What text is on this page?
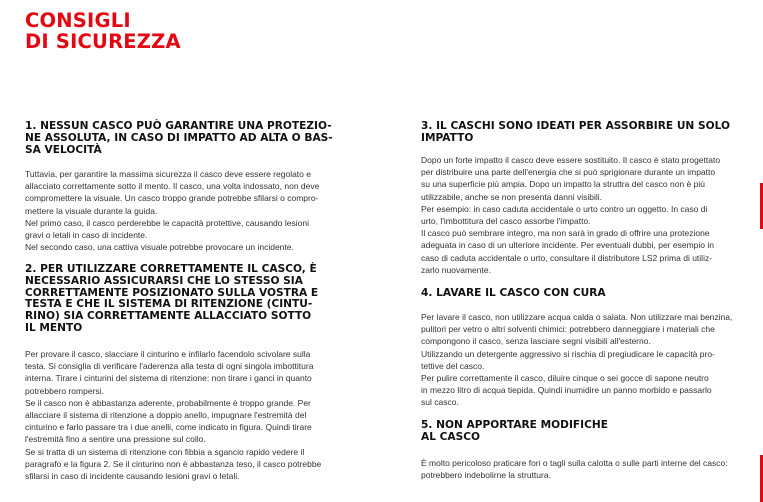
CONSIGLI
DI SICUREZZA
1. NESSUN CASCO PUÒ GARANTIRE UNA PROTEZIO-
NE ASSOLUTA, IN CASO DI IMPATTO AD ALTA O BAS-
SA VELOCITÀ
Tuttavia, per garantire la massima sicurezza il casco deve essere regolato e
allacciato correttamente sotto il mento. Il casco, una volta indossato, non deve
compromettere la visuale. Un casco troppo grande potrebbe sfilarsi o compro-
mettere la visuale durante la guida.
Nel primo caso, il casco perderebbe le capacità protettive, causando lesioni
gravi o letali in caso di incidente.
Nel secondo caso, una cattiva visuale potrebbe provocare un incidente.
2. PER UTILIZZARE CORRETTAMENTE IL CASCO, È
NECESSARIO ASSICURARSI CHE LO STESSO SIA
CORRETTAMENTE POSIZIONATO SULLA VOSTRA E
TESTA E CHE IL SISTEMA DI RITENZIONE (CINTU-
RINO) SIA CORRETTAMENTE ALLACCIATO SOTTO
IL MENTO
Per provare il casco, slacciare il cinturino e infilarlo facendolo scivolare sulla
testa. Si consiglia di verificare l'aderenza alla testa di ogni singola imbottitura
interna. Tirare i cinturini del sistema di ritenzione: non tirare i ganci in quanto
potrebbero rompersi.
Se il casco non è abbastanza aderente, probabilmente è troppo grande. Per
allacciare il sistema di ritenzione a doppio anello, impugnare l'estremità del
cinturino e farlo passare tra i due anelli, come indicato in figura. Quindi tirare
l'estremità fino a sentire una pressione sul collo.
Se si tratta di un sistema di ritenzione con fibbia a sgancio rapido vedere il
paragrafo e la figura 2. Se il cinturino non è abbastanza teso, il casco potrebbe
sfilarsi in caso di incidente causando lesioni gravi o letali.
3. IL CASCHI SONO IDEATI PER ASSORBIRE UN SOLO
IMPATTO
Dopo un forte impatto il casco deve essere sostituito. Il casco è stato progettato
per distribuire una parte dell'energia che si può sprigionare durante un impatto
su una superficie più ampia. Dopo un impatto la struttra del casco non è più
utilizzabile, anche se non presenta danni visibili.
Per esempio: in caso caduta accidentale o urto contro un oggetto. In caso di
urto, l'imbottitura del casco assorbe l'impatto.
Il casco può sembrare integro, ma non sarà in grado di offrire una protezione
adeguata in caso di un ulteriore incidente. Per eventuali dubbi, per esempio in
caso di caduta accidentale o urto, consultare il distributore LS2 prima di utiliz-
zarlo nuovamente.
4. LAVARE IL CASCO CON CURA
Per lavare il casco, non utilizzare acqua calda o salata. Non utilizzare mai benzina,
pulitori per vetro o altri solventi chimici: potrebbero danneggiare i materiali che
compongono il casco, senza lasciare segni visibili all'esterno.
Utilizzando un detergente aggressivo si rischia di pregiudicare le capacità pro-
tettive del casco.
Per pulire correttamente il casco, diluire cinque o sei gocce di sapone neutro
in mezzo litro di acqua tiepida. Quindi inumidire un panno morbido e passarlo
sul casco.
5. NON APPORTARE MODIFICHE
AL CASCO
È molto pericoloso praticare fori o tagli sulla calotta o sulle parti interne del casco:
potrebbero indebolirne la struttura.
